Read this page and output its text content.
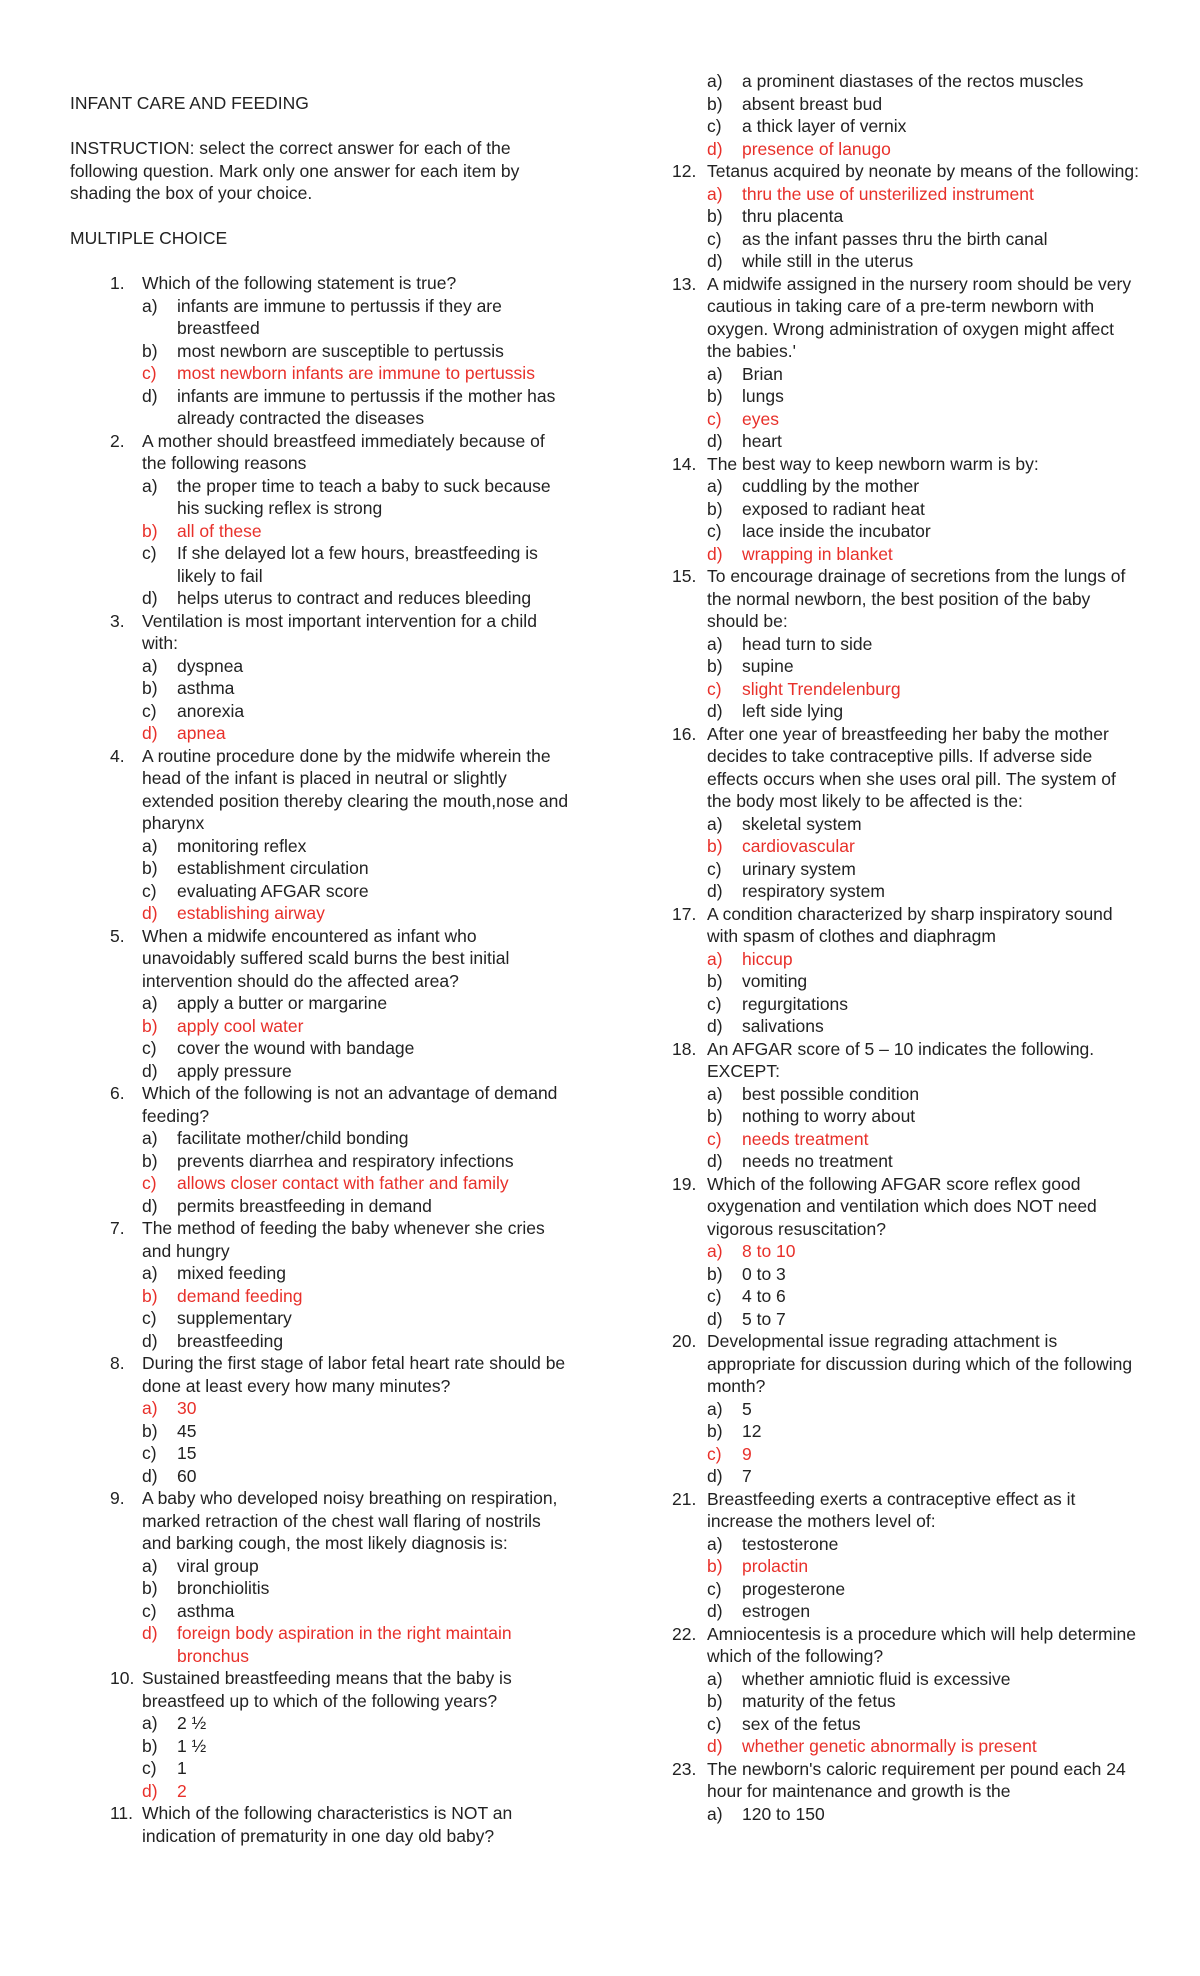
INFANT CARE AND FEEDING
INSTRUCTION: select the correct answer for each of the following question. Mark only one answer for each item by shading the box of your choice.
MULTIPLE CHOICE
1. Which of the following statement is true?
a) infants are immune to pertussis if they are breastfeed
b) most newborn are susceptible to pertussis
c) most newborn infants are immune to pertussis
d) infants are immune to pertussis if the mother has already contracted the diseases
2. A mother should breastfeed immediately because of the following reasons
a) the proper time to teach a baby to suck because his sucking reflex is strong
b) all of these
c) If she delayed lot a few hours, breastfeeding is likely to fail
d) helps uterus to contract and reduces bleeding
3. Ventilation is most important intervention for a child with:
a) dyspnea
b) asthma
c) anorexia
d) apnea
4. A routine procedure done by the midwife wherein the head of the infant is placed in neutral or slightly extended position thereby clearing the mouth,nose and pharynx
a) monitoring reflex
b) establishment circulation
c) evaluating AFGAR score
d) establishing airway
5. When a midwife encountered as infant who unavoidably suffered scald burns the best initial intervention should do the affected area?
a) apply a butter or margarine
b) apply cool water
c) cover the wound with bandage
d) apply pressure
6. Which of the following is not an advantage of demand feeding?
a) facilitate mother/child bonding
b) prevents diarrhea and respiratory infections
c) allows closer contact with father and family
d) permits breastfeeding in demand
7. The method of feeding the baby whenever she cries and hungry
a) mixed feeding
b) demand feeding
c) supplementary
d) breastfeeding
8. During the first stage of labor fetal heart rate should be done at least every how many minutes?
a) 30
b) 45
c) 15
d) 60
9. A baby who developed noisy breathing on respiration, marked retraction of the chest wall flaring of nostrils and barking cough, the most likely diagnosis is:
a) viral group
b) bronchiolitis
c) asthma
d) foreign body aspiration in the right maintain bronchus
10. Sustained breastfeeding means that the baby is breastfeed up to which of the following years?
a) 2 ½
b) 1 ½
c) 1
d) 2
11. Which of the following characteristics is NOT an indication of prematurity in one day old baby?
a) a prominent diastases of the rectos muscles
b) absent breast bud
c) a thick layer of vernix
d) presence of lanugo
12. Tetanus acquired by neonate by means of the following:
a) thru the use of unsterilized instrument
b) thru placenta
c) as the infant passes thru the birth canal
d) while still in the uterus
13. A midwife assigned in the nursery room should be very cautious in taking care of a pre-term newborn with oxygen. Wrong administration of oxygen might affect the babies.'
a) Brian
b) lungs
c) eyes
d) heart
14. The best way to keep newborn warm is by:
a) cuddling by the mother
b) exposed to radiant heat
c) lace inside the incubator
d) wrapping in blanket
15. To encourage drainage of secretions from the lungs of the normal newborn, the best position of the baby should be:
a) head turn to side
b) supine
c) slight Trendelenburg
d) left side lying
16. After one year of breastfeeding her baby the mother decides to take contraceptive pills. If adverse side effects occurs when she uses oral pill. The system of the body most likely to be affected is the:
a) skeletal system
b) cardiovascular
c) urinary system
d) respiratory system
17. A condition characterized by sharp inspiratory sound with spasm of clothes and diaphragm
a) hiccup
b) vomiting
c) regurgitations
d) salivations
18. An AFGAR score of 5 – 10 indicates the following. EXCEPT:
a) best possible condition
b) nothing to worry about
c) needs treatment
d) needs no treatment
19. Which of the following AFGAR score reflex good oxygenation and ventilation which does NOT need vigorous resuscitation?
a) 8 to 10
b) 0 to 3
c) 4 to 6
d) 5 to 7
20. Developmental issue regrading attachment is appropriate for discussion during which of the following month?
a) 5
b) 12
c) 9
d) 7
21. Breastfeeding exerts a contraceptive effect as it increase the mothers level of:
a) testosterone
b) prolactin
c) progesterone
d) estrogen
22. Amniocentesis is a procedure which will help determine which of the following?
a) whether amniotic fluid is excessive
b) maturity of the fetus
c) sex of the fetus
d) whether genetic abnormally is present
23. The newborn's caloric requirement per pound each 24 hour for maintenance and growth is the
a) 120 to 150
